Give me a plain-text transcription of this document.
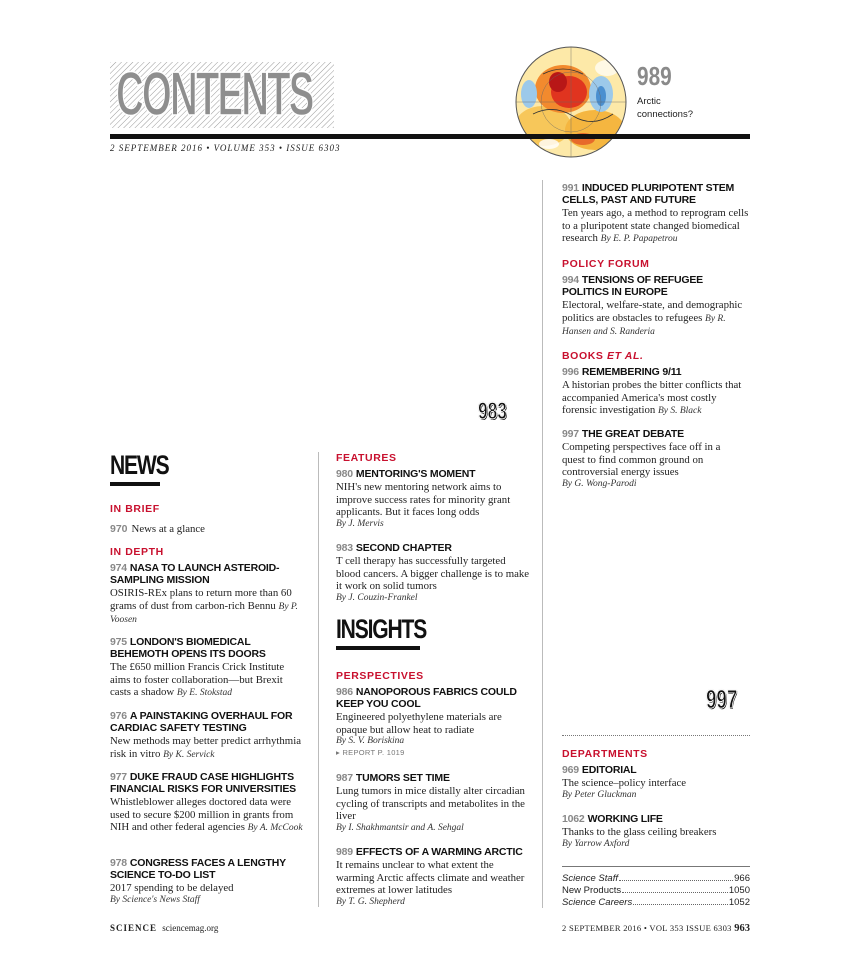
CONTENTS	989
Arctic
connections?
2 SEPTEMBER 2016 • VOLUME 353 • ISSUE 6303
983
997
NEWS
IN BRIEF
970 News at a glance
IN DEPTH
974 NASA TO LAUNCH ASTEROID-SAMPLING MISSION
OSIRIS-REx plans to return more than 60 grams of dust from carbon-rich Bennu By P. Voosen
975 LONDON'S BIOMEDICAL BEHEMOTH OPENS ITS DOORS
The £650 million Francis Crick Institute aims to foster collaboration—but Brexit casts a shadow By E. Stokstad
976 A PAINSTAKING OVERHAUL FOR CARDIAC SAFETY TESTING
New methods may better predict arrhythmia risk in vitro By K. Servick
977 DUKE FRAUD CASE HIGHLIGHTS FINANCIAL RISKS FOR UNIVERSITIES
Whistleblower alleges doctored data were used to secure $200 million in grants from NIH and other federal agencies By A. McCook
978 CONGRESS FACES A LENGTHY SCIENCE TO-DO LIST
2017 spending to be delayed
By Science's News Staff
FEATURES
980 MENTORING'S MOMENT
NIH's new mentoring network aims to improve success rates for minority grant applicants. But it faces long odds
By J. Mervis
983 SECOND CHAPTER
T cell therapy has successfully targeted blood cancers. A bigger challenge is to make it work on solid tumors
By J. Couzin-Frankel
INSIGHTS
PERSPECTIVES
986 NANOPOROUS FABRICS COULD KEEP YOU COOL
Engineered polyethylene materials are opaque but allow heat to radiate
By S. V. Boriskina
▸ REPORT P. 1019
987 TUMORS SET TIME
Lung tumors in mice distally alter circadian cycling of transcripts and metabolites in the liver
By I. Shakhmantsir and A. Sehgal
989 EFFECTS OF A WARMING ARCTIC
It remains unclear to what extent the warming Arctic affects climate and weather extremes at lower latitudes
By T. G. Shepherd
991 INDUCED PLURIPOTENT STEM CELLS, PAST AND FUTURE
Ten years ago, a method to reprogram cells to a pluripotent state changed biomedical research By E. P. Papapetrou
POLICY FORUM
994 TENSIONS OF REFUGEE POLITICS IN EUROPE
Electoral, welfare-state, and demographic politics are obstacles to refugees By R. Hansen and S. Randeria
BOOKS ET AL.
996 REMEMBERING 9/11
A historian probes the bitter conflicts that accompanied America's most costly forensic investigation By S. Black
997 THE GREAT DEBATE
Competing perspectives face off in a quest to find common ground on controversial energy issues
By G. Wong-Parodi
DEPARTMENTS
969 EDITORIAL
The science–policy interface
By Peter Gluckman
1062 WORKING LIFE
Thanks to the glass ceiling breakers
By Yarrow Axford
Science Staff	966
New Products	1050
Science Careers	1052
SCIENCE sciencemag.org	2 SEPTEMBER 2016 • VOL 353 ISSUE 6303 963
